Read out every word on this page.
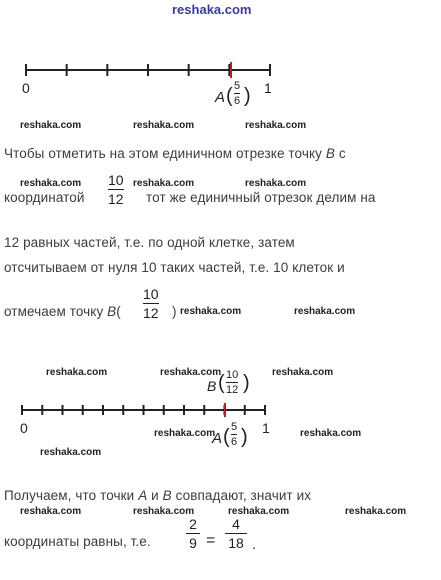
reshaka.com
0	1
A ( 5
6 )
reshaka.com	reshaka.com	reshaka.com
Чтобы отметить на этом единичном отрезке точку B с
reshaka.com	reshaka.com	reshaka.com
координатой
10
12 тот же единичный отрезок делим на
12 равных частей, т.е. по одной клетке, затем
отсчитываем от нуля 10 таких частей, т.е. 10 клеток и
отмечаем точку B(
10
12 ) reshaka.com	reshaka.com
reshaka.com	reshaka.com	reshaka.com
B ( 10
12 )
0	1
A ( 5
6 )
reshaka.com	reshaka.com
reshaka.com
Получаем, что точки A и B совпадают, значит их
reshaka.com	reshaka.com	reshaka.com	reshaka.com
координаты равны, т.е.
2
9 =
4
18 .
